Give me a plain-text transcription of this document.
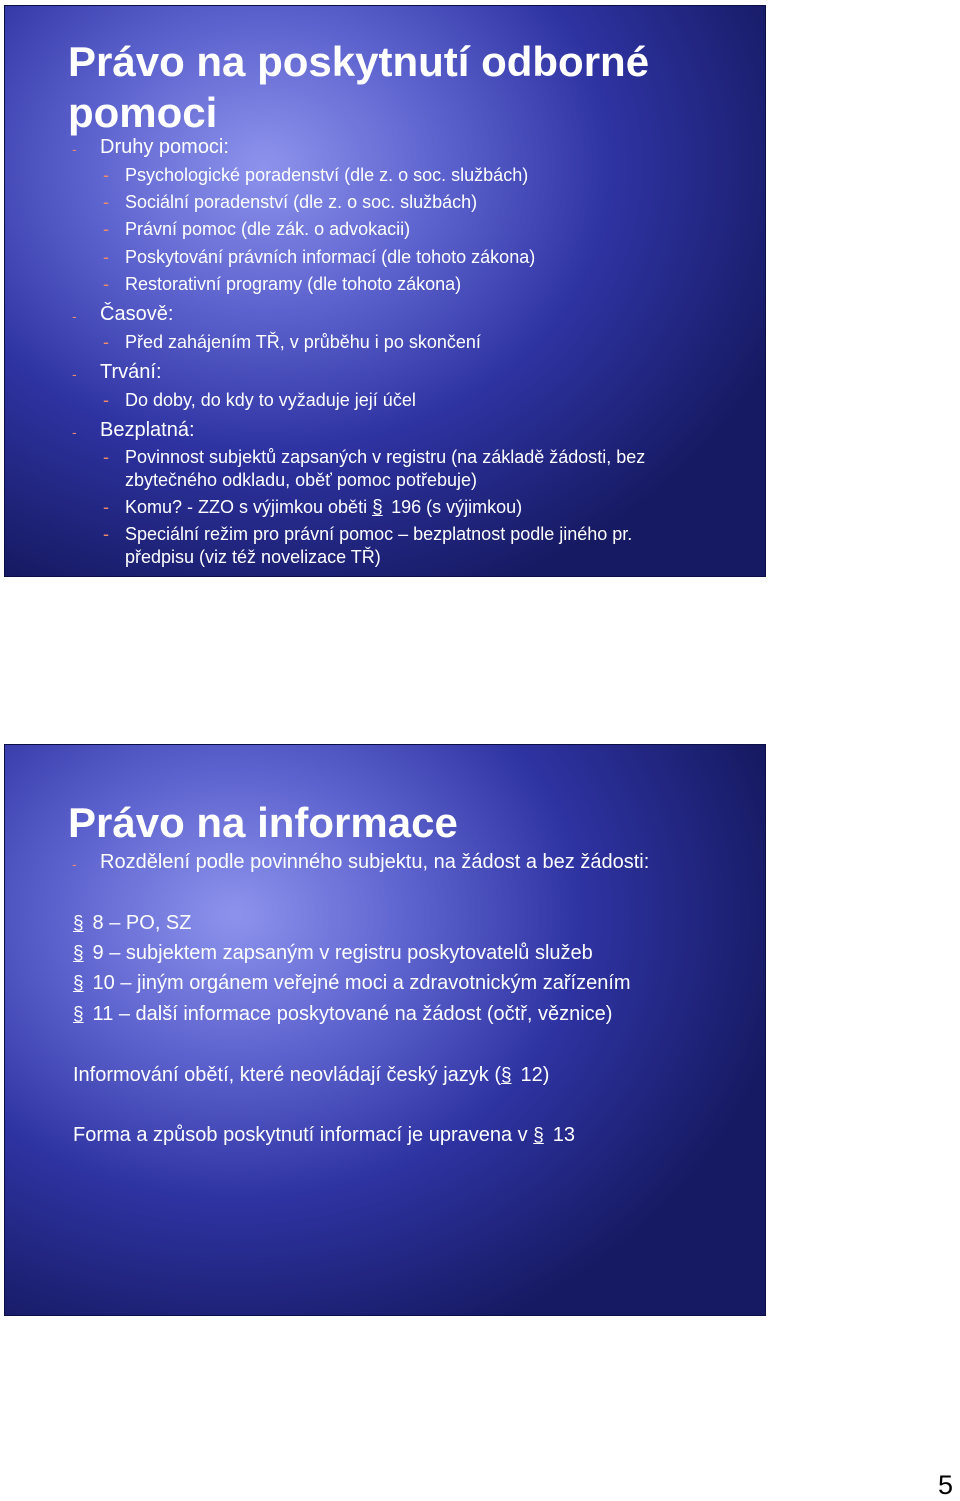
Právo na poskytnutí odborné pomoci
- Druhy pomoci:
- Psychologické poradenství (dle z. o soc. službách)
- Sociální poradenství (dle z. o soc. službách)
- Právní pomoc (dle zák. o advokacii)
- Poskytování právních informací (dle tohoto zákona)
- Restorativní programy (dle tohoto zákona)
- Časově:
- Před zahájením TŘ, v průběhu i po skončení
- Trvání:
- Do doby, do kdy to vyžaduje její účel
- Bezplatná:
- Povinnost subjektů zapsaných v registru (na základě žádosti, bez
zbytečného odkladu, oběť pomoc potřebuje)
- Komu? - ZZO s výjimkou oběti § 196 (s výjimkou)
- Speciální režim pro právní pomoc – bezplatnost podle jiného pr.
předpisu (viz též novelizace TŘ)
Právo na informace
- Rozdělení podle povinného subjektu, na žádost a bez žádosti:
§ 8 – PO, SZ
§ 9 – subjektem zapsaným v registru poskytovatelů služeb
§ 10 – jiným orgánem veřejné moci a zdravotnickým zařízením
§ 11 – další informace poskytované na žádost (očtř, věznice)
Informování obětí, které neovládají český jazyk (§ 12)
Forma a způsob poskytnutí informací je upravena v § 13
5
